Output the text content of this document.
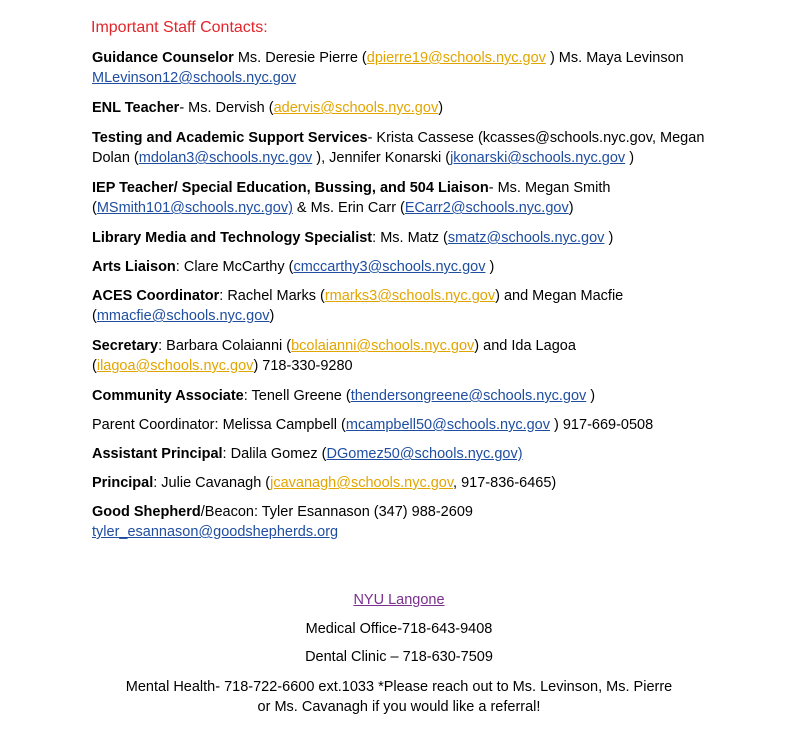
Important Staff Contacts:
Guidance Counselor Ms. Deresie Pierre (dpierre19@schools.nyc.gov ) Ms. Maya Levinson MLevinson12@schools.nyc.gov
ENL Teacher- Ms. Dervish (adervis@schools.nyc.gov)
Testing and Academic Support Services- Krista Cassese (kcasses@schools.nyc.gov, Megan Dolan (mdolan3@schools.nyc.gov ), Jennifer Konarski (jkonarski@schools.nyc.gov )
IEP Teacher/ Special Education, Bussing, and 504 Liaison- Ms. Megan Smith (MSmith101@schools.nyc.gov) & Ms. Erin Carr (ECarr2@schools.nyc.gov)
Library Media and Technology Specialist: Ms. Matz (smatz@schools.nyc.gov )
Arts Liaison: Clare McCarthy (cmccarthy3@schools.nyc.gov )
ACES Coordinator: Rachel Marks (rmarks3@schools.nyc.gov) and Megan Macfie (mmacfie@schools.nyc.gov)
Secretary: Barbara Colaianni (bcolaianni@schools.nyc.gov) and Ida Lagoa (ilagoa@schools.nyc.gov) 718-330-9280
Community Associate: Tenell Greene (thendersongreene@schools.nyc.gov )
Parent Coordinator: Melissa Campbell (mcampbell50@schools.nyc.gov ) 917-669-0508
Assistant Principal: Dalila Gomez (DGomez50@schools.nyc.gov)
Principal: Julie Cavanagh (jcavanagh@schools.nyc.gov, 917-836-6465)
Good Shepherd/Beacon: Tyler Esannason (347) 988-2609
tyler_esannason@goodshepherds.org
NYU Langone
Medical Office-718-643-9408
Dental Clinic – 718-630-7509
Mental Health- 718-722-6600 ext.1033 *Please reach out to Ms. Levinson, Ms. Pierre
or Ms. Cavanagh if you would like a referral!
